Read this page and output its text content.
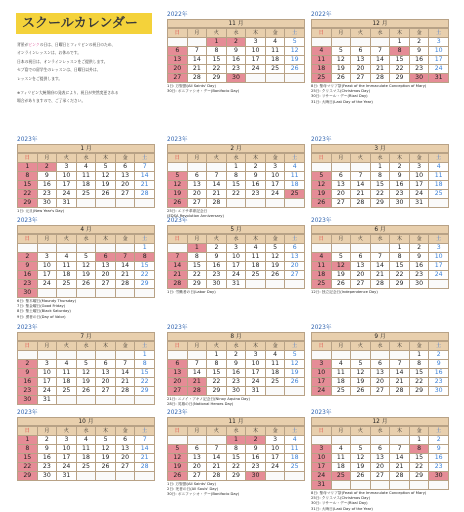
スクールカレンダー

背景がピンクの日は、日曜日とフィリピンの祝日のため、

オンラインレッスンは、お休みです。

日本の祝日は、オンラインレッスンをご提供します。

セブ島での留学生のレッスンは、日曜日以外は、

レッスンをご提供します。

※フィリピン大統領府の発表により、祝日が突然変更される

場合がありますので、ご了承ください。

2022年
11 月
日	月	火	水	木	金	土
		1	2	3	4	5
6	7	8	9	10	11	12
13	14	15	16	17	18	19
20	21	22	23	24	25	26
27	28	29	30			
1日: 万聖節(All Saints' Day)
30日: ボニファシオ・デー(Bonifacio Day)
2022年
12 月
日	月	火	水	木	金	土
				1	2	3
4	5	6	7	8	9	10
11	12	13	14	15	16	17
18	19	20	21	22	23	24
25	26	27	28	29	30	31
8日: 聖母マリア祭(Feast of the Immaculate Conception of Mary)
25日: クリスマス(Christmas Day)
30日: リサール・デー(Rizal Day)
31日: 大晦日(Last Day of the Year)
2023年
1 月
日	月	火	水	木	金	土
1	2	3	4	5	6	7
8	9	10	11	12	13	14
15	16	17	18	19	20	21
22	23	24	25	26	27	28
29	30	31				
1日: 元旦(New Year's Day)
2023年
2 月
日	月	火	水	木	金	土
			1	2	3	4
5	6	7	8	9	10	11
12	13	14	15	16	17	18
19	20	21	22	23	24	25
26	27	28				
25日: エドサ革命記念日
(EDSA Revolution Anniversary)
2023年
3 月
日	月	火	水	木	金	土
			1	2	3	4
5	6	7	8	9	10	11
12	13	14	15	16	17	18
19	20	21	22	23	24	25
26	27	28	29	30	31	
2023年
4 月
日	月	火	水	木	金	土
						1
2	3	4	5	6	7	8
9	10	11	12	13	14	15
16	17	18	19	20	21	22
23	24	25	26	27	28	29
30						
6日: 聖木曜日(Maundy Thursday)
7日: 聖金曜日(Good Friday)
8日: 聖土曜日(Black Saturday)
9日: 勇者の日(Day of Valor)
2023年
5 月
日	月	火	水	木	金	土
	1	2	3	4	5	6
7	8	9	10	11	12	13
14	15	16	17	18	19	20
21	22	23	24	25	26	27
28	29	30	31			
1日: 労働者の日(Labor Day)
2023年
6 月
日	月	火	水	木	金	土
				1	2	3
4	5	6	7	8	9	10
11	12	13	14	15	16	17
18	19	20	21	22	23	24
25	26	27	28	29	30	
12日: 独立記念日(Independence Day)
2023年
7 月
日	月	火	水	木	金	土
						1
2	3	4	5	6	7	8
9	10	11	12	13	14	15
16	17	18	19	20	21	22
23	24	25	26	27	28	29
30	31					
2023年
8 月
日	月	火	水	木	金	土
		1	2	3	4	5
6	7	8	9	10	11	12
13	14	15	16	17	18	19
20	21	22	23	24	25	26
27	28	29	30	31		
21日: ニノイ・アキノ記念日(Ninoy Aquino Day)
28日: 英雄の日(National Heroes Day)
2023年
9 月
日	月	火	水	木	金	土
					1	2
3	4	5	6	7	8	9
10	11	12	13	14	15	16
17	18	19	20	21	22	23
24	25	26	27	28	29	30
2023年
10 月
日	月	火	水	木	金	土
1	2	3	4	5	6	7
8	9	10	11	12	13	14
15	16	17	18	19	20	21
22	23	24	25	26	27	28
29	30	31				
2023年
11 月
日	月	火	水	木	金	土
			1	2	3	4
5	6	7	8	9	10	11
12	13	14	15	16	17	18
19	20	21	22	23	24	25
26	27	28	29	30		
1日: 万聖節(All Saints' Day)
2日: 死者の日(All Souls' Day)
30日: ボニファシオ・デー(Bonifacio Day)
2023年
12 月
日	月	火	水	木	金	土
					1	2
3	4	5	6	7	8	9
10	11	12	13	14	15	16
17	18	19	20	21	22	23
24	25	26	27	28	29	30
31						
8日: 聖母マリア祭(Feast of the Immaculate Conception of Mary)
25日: クリスマス(Christmas Day)
30日: リサール・デー(Rizal Day)
31日: 大晦日(Last Day of the Year)
